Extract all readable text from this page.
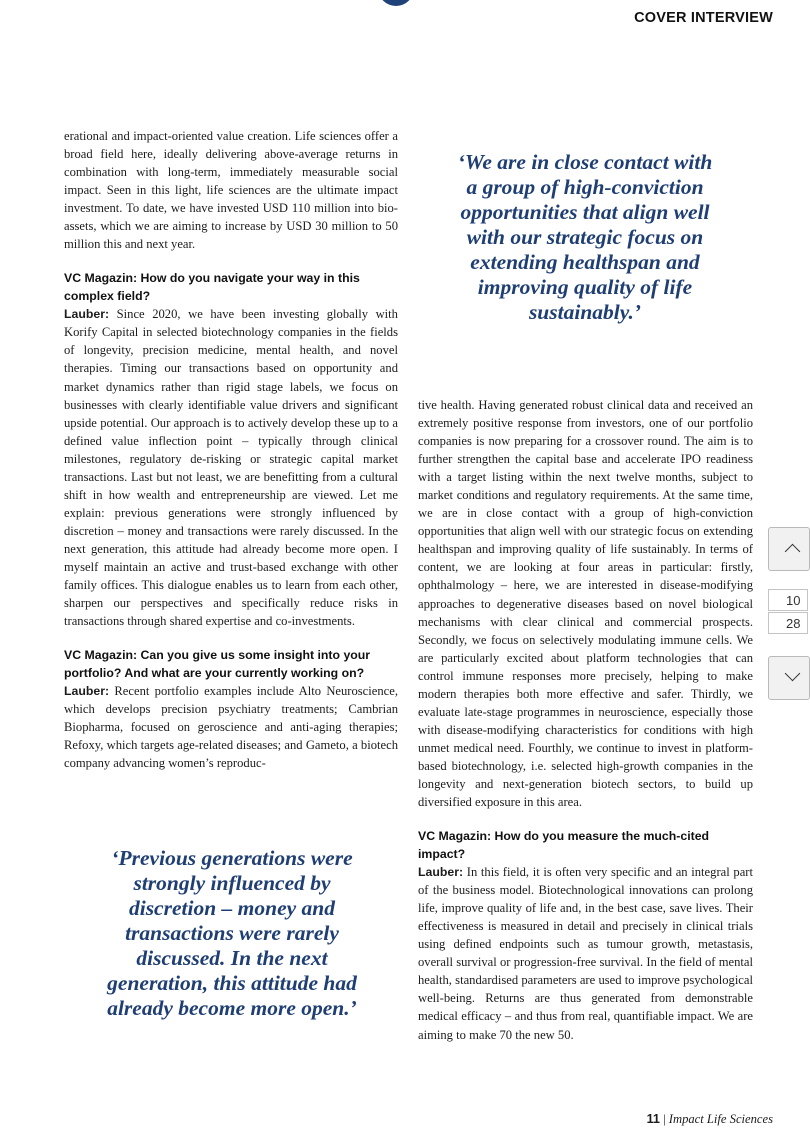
COVER INTERVIEW

erational and impact-oriented value creation. Life sciences offer a broad field here, ideally delivering above-average returns in combination with long-term, immediately measurable social impact. Seen in this light, life sciences are the ultimate impact investment. To date, we have invested USD 110 million into bio-assets, which we are aiming to increase by USD 30 million to 50 million this and next year.

VC Magazin: How do you navigate your way in this complex field?

Lauber: Since 2020, we have been investing globally with Korify Capital in selected biotechnology companies in the fields of longevity, precision medicine, mental health, and novel therapies. Timing our transactions based on opportunity and market dynamics rather than rigid stage labels, we focus on businesses with clearly identifiable value drivers and significant upside potential. Our approach is to actively develop these up to a defined value inflection point – typically through clinical milestones, regulatory de-risking or strategic capital market transactions. Last but not least, we are benefitting from a cultural shift in how wealth and entrepreneurship are viewed. Let me explain: previous generations were strongly influenced by discretion – money and transactions were rarely discussed. In the next generation, this attitude had already become more open. I myself maintain an active and trust-based exchange with other family offices. This dialogue enables us to learn from each other, sharpen our perspectives and specifically reduce risks in transactions through shared expertise and co-investments.

VC Magazin: Can you give us some insight into your portfolio? And what are your currently working on?

Lauber: Recent portfolio examples include Alto Neuroscience, which develops precision psychiatry treatments; Cambrian Biopharma, focused on geroscience and anti-aging therapies; Refoxy, which targets age-related diseases; and Gameto, a biotech company advancing women’s reproduc-

‘We are in close contact with a group of high-conviction opportunities that align well with our strategic focus on extending healthspan and improving quality of life sustainably.’

tive health. Having generated robust clinical data and received an extremely positive response from investors, one of our portfolio companies is now preparing for a crossover round. The aim is to further strengthen the capital base and accelerate IPO readiness with a target listing within the next twelve months, subject to market conditions and regulatory requirements. At the same time, we are in close contact with a group of high-conviction opportunities that align well with our strategic focus on extending healthspan and improving quality of life sustainably. In terms of content, we are looking at four areas in particular: firstly, ophthalmology – here, we are interested in disease-modifying approaches to degenerative diseases based on novel biological mechanisms with clear clinical and commercial prospects. Secondly, we focus on selectively modulating immune cells. We are particularly excited about platform technologies that can control immune responses more precisely, helping to make modern therapies both more effective and safer. Thirdly, we evaluate late-stage programmes in neuroscience, especially those with disease-modifying characteristics for conditions with high unmet medical need. Fourthly, we continue to invest in platform-based biotechnology, i.e. selected high-growth companies in the longevity and next-generation biotech sectors, to build up diversified exposure in this area.

VC Magazin: How do you measure the much-cited impact?

Lauber: In this field, it is often very specific and an integral part of the business model. Biotechnological innovations can prolong life, improve quality of life and, in the best case, save lives. Their effectiveness is measured in detail and precisely in clinical trials using defined endpoints such as tumour growth, metastasis, overall survival or progression-free survival. In the field of mental health, standardised parameters are used to improve psychological well-being. Returns are thus generated from demonstrable medical efficacy – and thus from real, quantifiable impact. We are aiming to make 70 the new 50.

‘Previous generations were strongly influenced by discretion – money and transactions were rarely discussed. In the next generation, this attitude had already become more open.’
11 | Impact Life Sciences
10
28
